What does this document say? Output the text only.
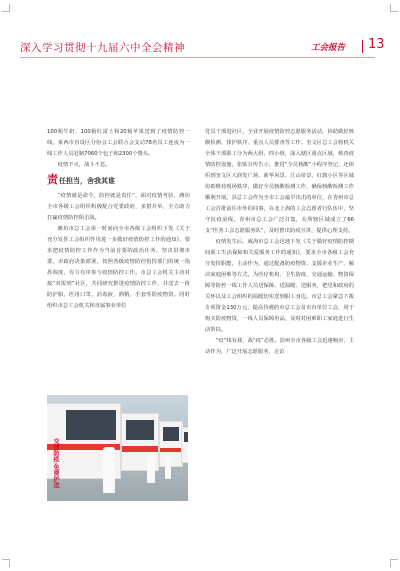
深入学习贯彻十九届六中全会精神	工会报告 13

100箱牛奶、100箱红富士和20箱苹果送到了疫情防控一线。莱西市直设区分协会工会联合会支动78名员工连夜为一线工作人员赶制7060个包子和2300个馒头。

疫情不灭，战斗不息。

责 任担当，舍我其谁

“疫情就是命令，防控就是责任”，面对疫情考验，潍坊全市各级工会组织积极配合党委政府，多措并举，全力助力打赢疫情防控阻击战。

潍坊市总工会第一时间向全市各级工会组织下发《关于充分发挥工会组织作用进一步做好疫情防控工作的通知》，要求把疫情防控工作作为当前首要的政治任务，坚决贯彻市委、市政府决策部署，按照各级疫情防控指挥部门的统一指挥调度，有力有序参与疫情防控工作。市总工会机关主动对接“双报到”社区，共同研究推进疫情防控工作，并送去一批防护服、医用口罩、消毒液、酒精、手套等防疫物资。同时组织市总工会机关和直属事业单位

交通防疫·免费护送

党员干部进社区，全业开展疫情防控志愿服务活动，协助做好核酸检测、排护秩序、重点人员排查等工作。奎文区总工会将机关全体干部职工分为两大组、四小组，深入辖区重点区域，核查疫情防控设施，张贴宣传告示，推进“全员核酸”小程序登记，还组织到奎文区大润发广场、新华风景、江山帝景、红旗小区等区域协助维持现场秩序，做好全员核酸检测工作，确保核酸检测工作顺利开展。县总工会作为全市工会最早出击的单位，在青州市总工会首批前往市外的同事，在北上海的工会志愿者行队伍中，坚守抗疫前线。青州市总工会广泛召集，在所辖区域成立了66支“医务工会志愿服务队”，及时推出防疫宣讲，提供心理支持。

疫情发生后，威海市总工会迅速下发《关于做好疫情防控期间职工生活保障和关爱服务工作的通知》，要求全市各级工会充分发挥职能，主动作为，通过配备防疫物资、支援企业生产、解决家庭困难等方式，为医疗机构、卫生防疫、交通运输、物资保障等防控一线工作人员送保障、送温暖、送服务，把党和政府的关怀以及工会组织的温暖切实送到职工身边。市总工会紧急下拨专项资金130万元，提高待遇的市总工会及市直单位工会，用于购买防疫物资，一线人员保障用品，及时对困难职工家庭进行生活帮扶。

“疫”线有我，战“疫”必胜。滨州全市各级工会迅速响应，主动作为，广泛开展志愿服务，走访
